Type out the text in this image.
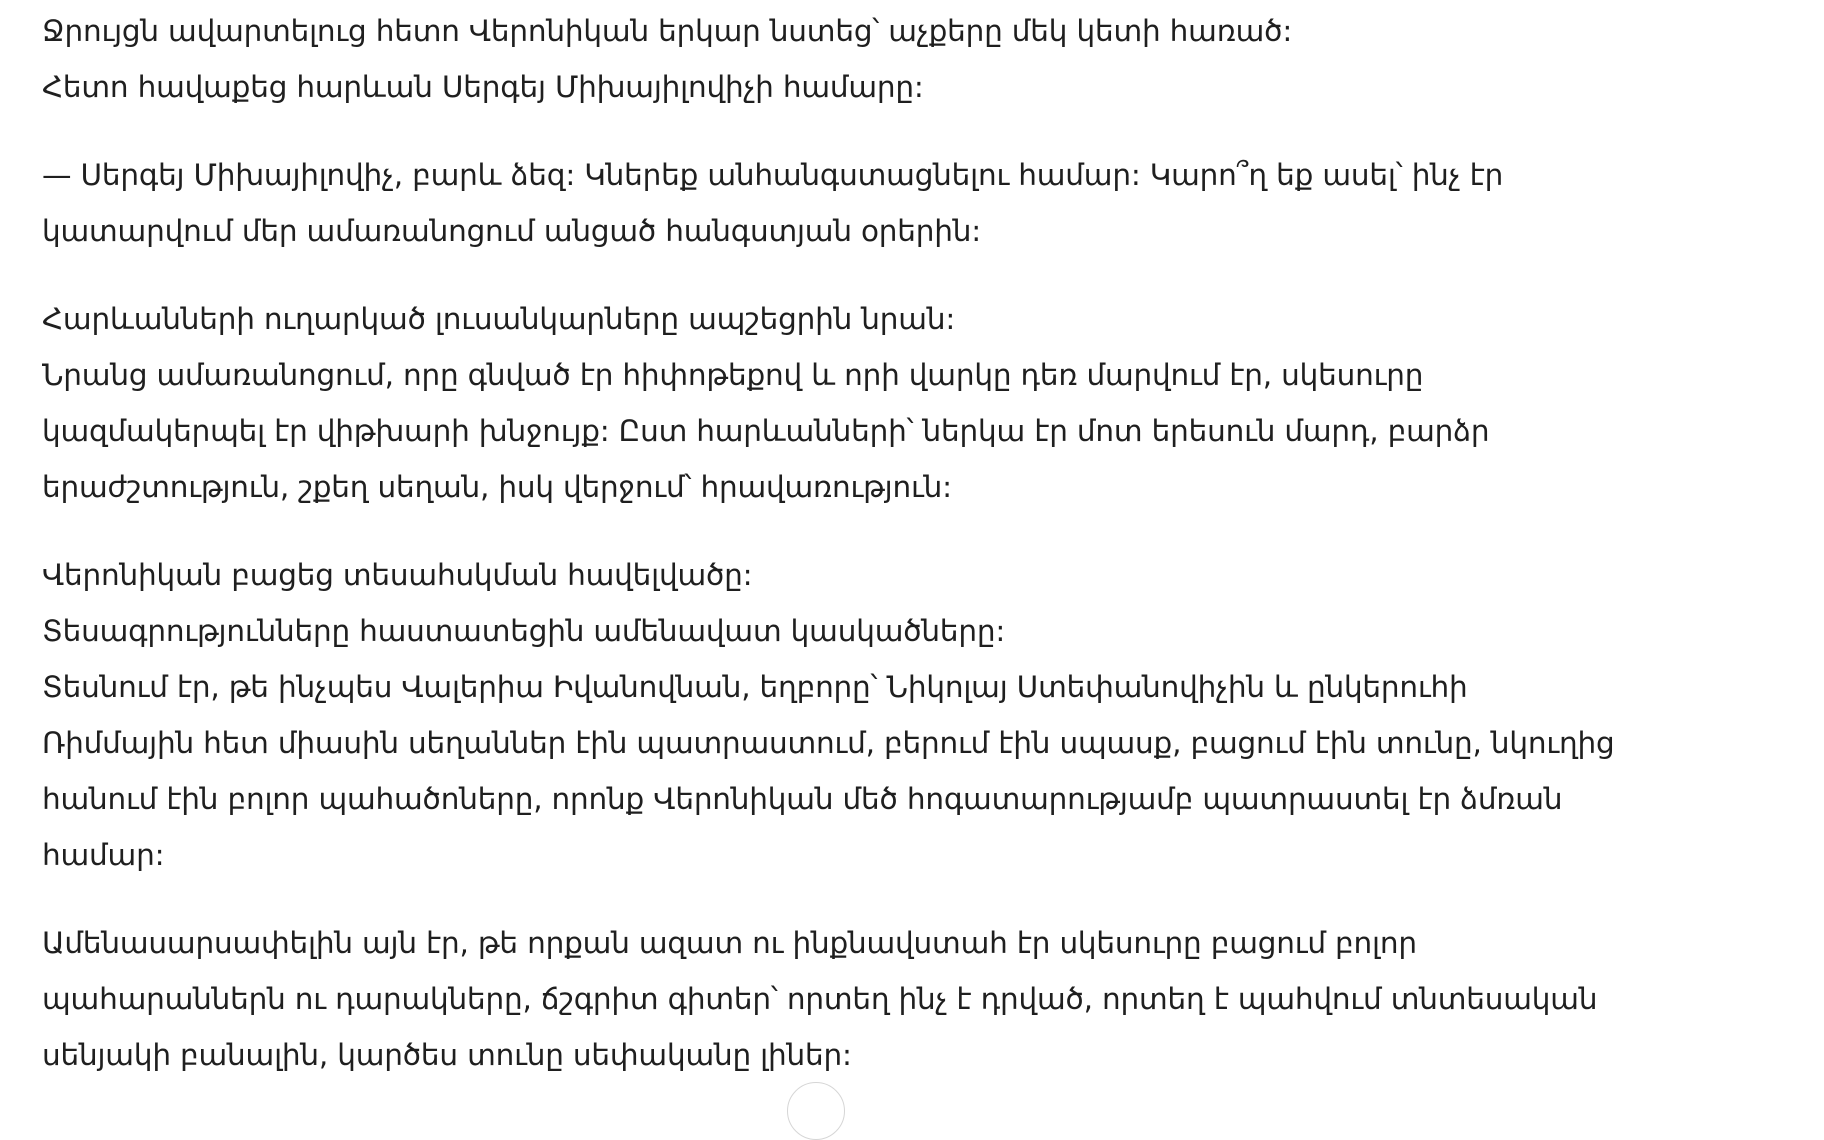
Ջրույցն ավարտելուց հետո Վերոնիկան երկար նստեց՝ աչքերը մեկ կետի հառած:
Հետո հավաքեց հարևան Սերգեյ Միխայիլովիչի համարը:
— Սերգեյ Միխայիլովիչ, բարև ձեզ: Կներեք անհանգստացնելու համար: Կարո՞ղ եք ասել՝ ինչ էր
կատարվում մեր ամառանոցում անցած հանգստյան օրերին:
Հարևանների ուղարկած լուսանկարները ապշեցրին նրան:
Նրանց ամառանոցում, որը գնված էր հիփոթեքով և որի վարկը դեռ մարվում էր, սկեսուրը
կազմակերպել էր վիթխարի խնջույք: Ըստ հարևանների՝ ներկա էր մոտ երեսուն մարդ, բարձր
երաժշտություն, շքեղ սեղան, իսկ վերջում՝ հրավառություն:
Վերոնիկան բացեց տեսահսկման հավելվածը:
Տեսագրությունները հաստատեցին ամենավատ կասկածները:
Տեսնում էր, թե ինչպես Վալերիա Իվանովնան, եղբորը՝ Նիկոլայ Ստեփանովիչին և ընկերուհի
Ռիմմային հետ միասին սեղաններ էին պատրաստում, բերում էին սպասք, բացում էին տունը, նկուղից
հանում էին բոլոր պահածոները, որոնք Վերոնիկան մեծ հոգատարությամբ պատրաստել էր ձմռան
համար:
Ամենասարսափելին այն էր, թե որքան ազատ ու ինքնավստահ էր սկեսուրը բացում բոլոր
պահարաններն ու դարակները, ճշգրիտ գիտեր՝ որտեղ ինչ է դրված, որտեղ է պահվում տնտեսական
սենյակի բանալին, կարծես տունը սեփականը լիներ:
